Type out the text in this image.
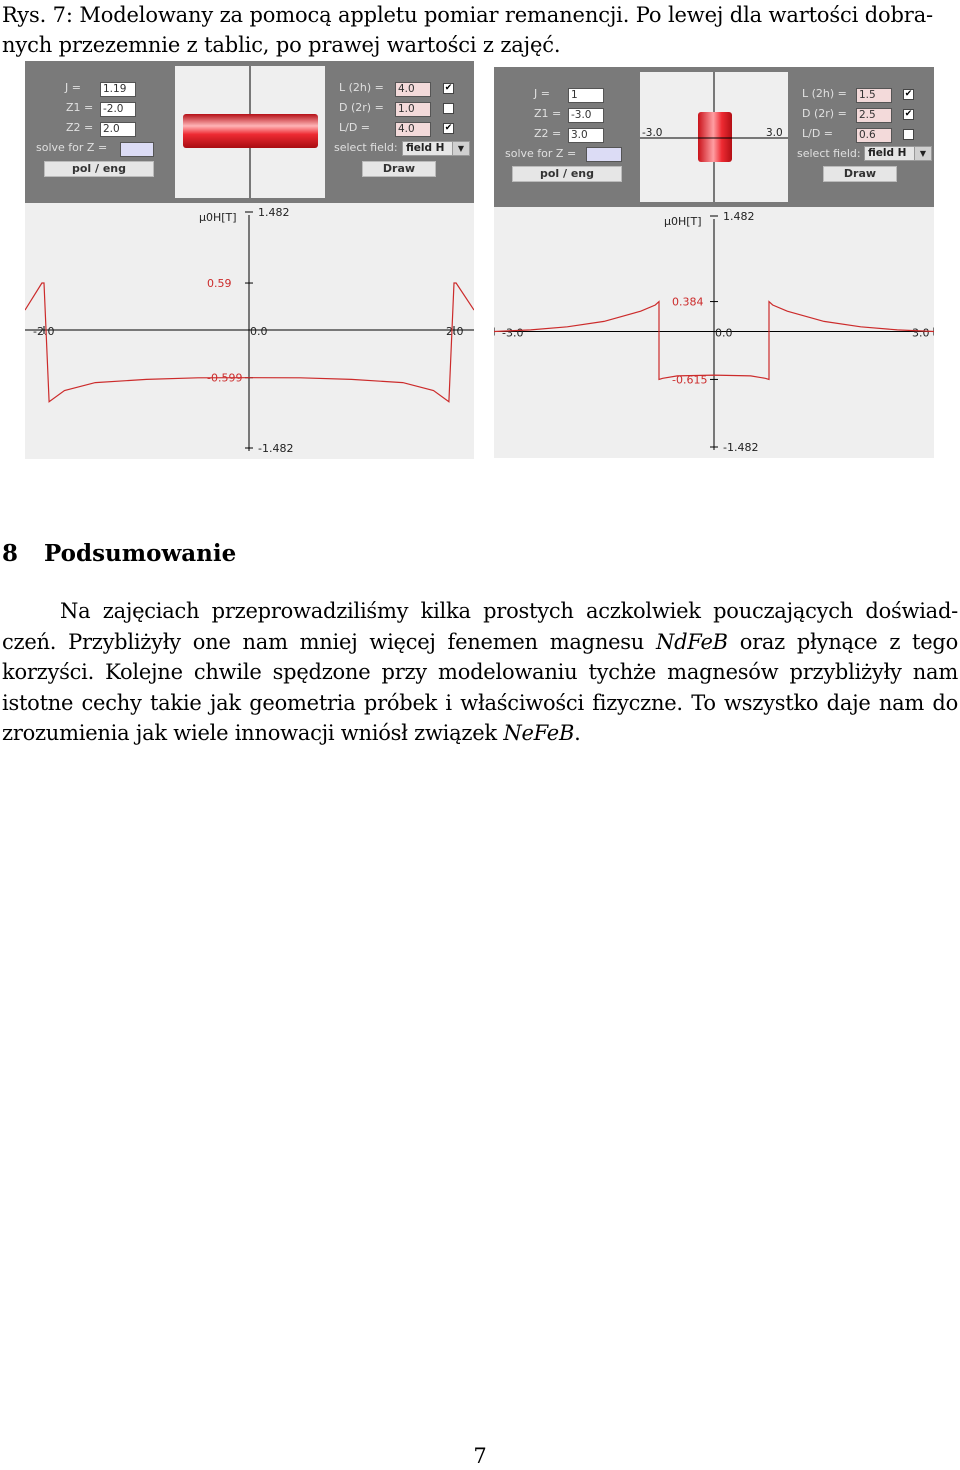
Rys. 7: Modelowany za pomocą appletu pomiar remanencji. Po lewej dla wartości dobra-
nych przezemnie z tablic, po prawej wartości z zajęć.
J = 1.19
Z1 = -2.0
Z2 = 2.0
solve for Z =
pol / eng
L (2h) = 4.0	✔
D (2r) = 1.0
L/D =	4.0	✔
select field: field H	▼
Draw
μ0H[T] 1.482
-1.482
-2.0	0.0	2.0
0.59
-0.599
J = 1
Z1 = -3.0
Z2 = 3.0
solve for Z =
pol / eng
-3.0	3.0
L (2h) = 1.5	✔
D (2r) = 2.5	✔
L/D = 0.6
select field: field H	▼
Draw
μ0H[T] 1.482
-1.482
-3.0	0.0	3.0
0.384
-0.615
8 Podsumowanie
Na zajęciach przeprowadziliśmy kilka prostych aczkolwiek pouczających doświad-czeń. Przybliżyły one nam mniej więcej fenemen magnesu NdFeB oraz płynące z tego korzyści. Kolejne chwile spędzone przy modelowaniu tychże magnesów przybliżyły nam istotne cechy takie jak geometria próbek i właściwości fizyczne. To wszystko daje nam do zrozumienia jak wiele innowacji wniósł związek NeFeB.
7
